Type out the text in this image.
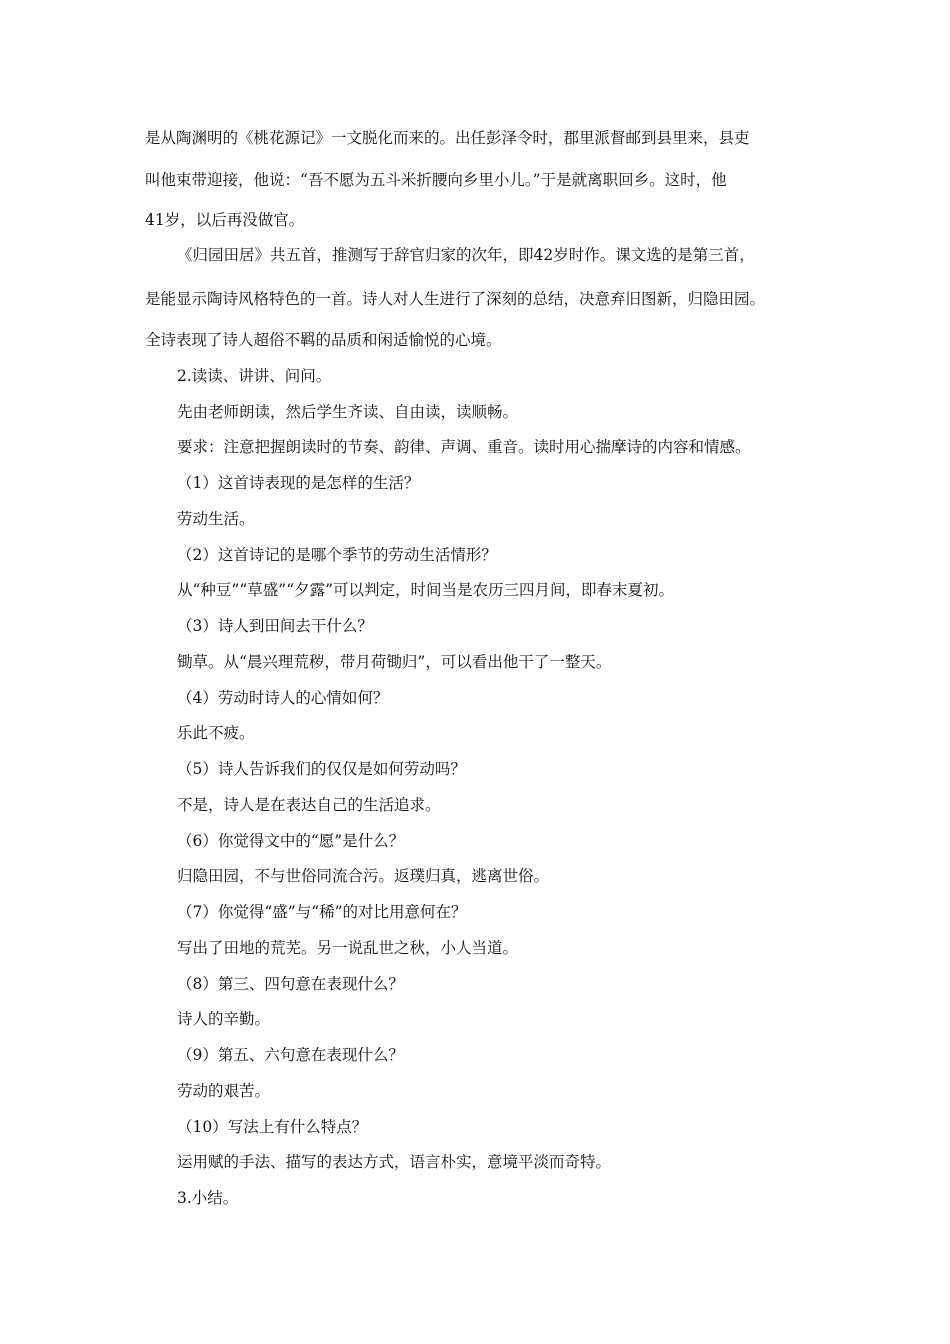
是从陶渊明的《桃花源记》一文脱化而来的。出任彭泽令时，郡里派督邮到县里来，县吏
叫他束带迎接，他说：“吾不愿为五斗米折腰向乡里小儿。”于是就离职回乡。这时，他
41岁，以后再没做官。
《归园田居》共五首，推测写于辞官归家的次年，即42岁时作。课文选的是第三首，
是能显示陶诗风格特色的一首。诗人对人生进行了深刻的总结，决意弃旧图新，归隐田园。
全诗表现了诗人超俗不羁的品质和闲适愉悦的心境。
2.读读、讲讲、问问。
先由老师朗读，然后学生齐读、自由读，读顺畅。
要求：注意把握朗读时的节奏、韵律、声调、重音。读时用心揣摩诗的内容和情感。
（1）这首诗表现的是怎样的生活？
劳动生活。
（2）这首诗记的是哪个季节的劳动生活情形？
从“种豆”“草盛”“夕露”可以判定，时间当是农历三四月间，即春末夏初。
（3）诗人到田间去干什么？
锄草。从“晨兴理荒秽，带月荷锄归”，可以看出他干了一整天。
（4）劳动时诗人的心情如何？
乐此不疲。
（5）诗人告诉我们的仅仅是如何劳动吗？
不是，诗人是在表达自己的生活追求。
（6）你觉得文中的“愿”是什么？
归隐田园，不与世俗同流合污。返璞归真，逃离世俗。
（7）你觉得“盛”与“稀”的对比用意何在？
写出了田地的荒芜。另一说乱世之秋，小人当道。
（8）第三、四句意在表现什么？
诗人的辛勤。
（9）第五、六句意在表现什么？
劳动的艰苦。
（10）写法上有什么特点？
运用赋的手法、描写的表达方式，语言朴实，意境平淡而奇特。
3.小结。
